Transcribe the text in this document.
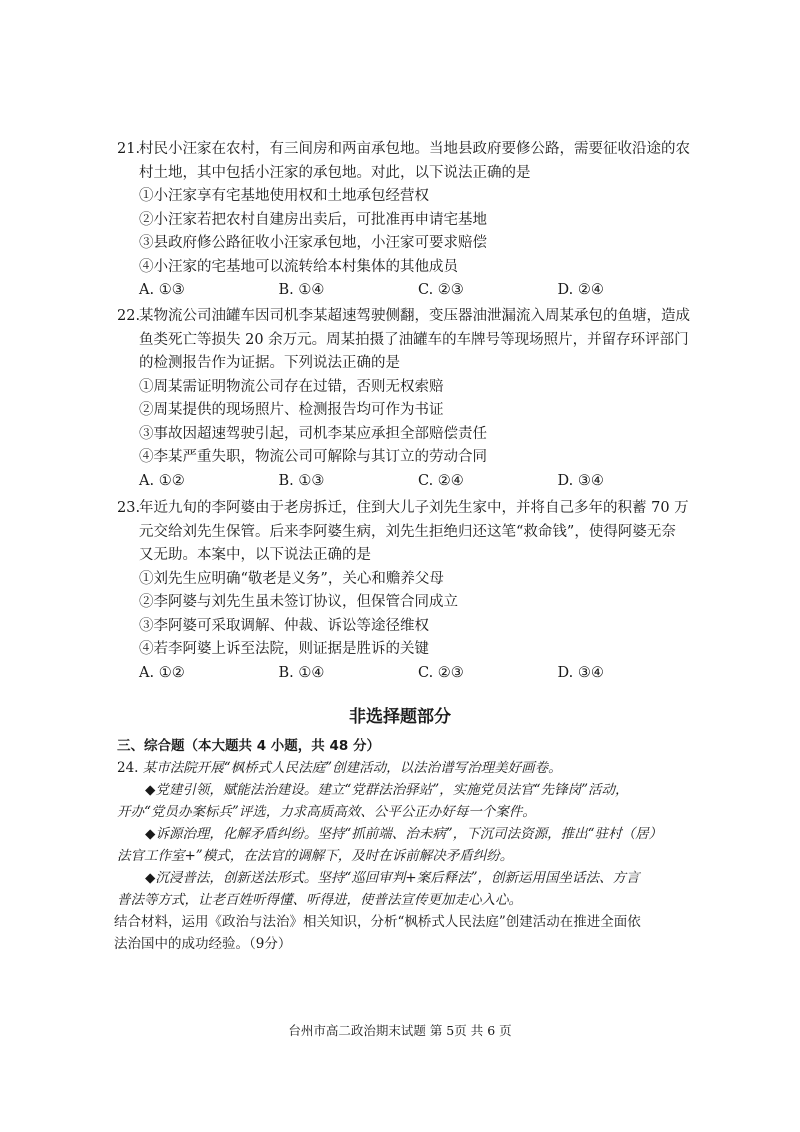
21.村民小汪家在农村，有三间房和两亩承包地。当地县政府要修公路，需要征收沿途的农
村土地，其中包括小汪家的承包地。对此，以下说法正确的是
①小汪家享有宅基地使用权和土地承包经营权
②小汪家若把农村自建房出卖后，可批准再申请宅基地
③县政府修公路征收小汪家承包地，小汪家可要求赔偿
④小汪家的宅基地可以流转给本村集体的其他成员
A. ①③	B. ①④	C. ②③	D. ②④
22.某物流公司油罐车因司机李某超速驾驶侧翻，变压器油泄漏流入周某承包的鱼塘，造成
鱼类死亡等损失 20 余万元。周某拍摄了油罐车的车牌号等现场照片，并留存环评部门
的检测报告作为证据。下列说法正确的是
①周某需证明物流公司存在过错，否则无权索赔
②周某提供的现场照片、检测报告均可作为书证
③事故因超速驾驶引起，司机李某应承担全部赔偿责任
④李某严重失职，物流公司可解除与其订立的劳动合同
A. ①②	B. ①③	C. ②④	D. ③④
23.年近九旬的李阿婆由于老房拆迁，住到大儿子刘先生家中，并将自己多年的积蓄 70 万
元交给刘先生保管。后来李阿婆生病，刘先生拒绝归还这笔“救命钱”，使得阿婆无奈
又无助。本案中，以下说法正确的是
①刘先生应明确“敬老是义务”，关心和赡养父母
②李阿婆与刘先生虽未签订协议，但保管合同成立
③李阿婆可采取调解、仲裁、诉讼等途径维权
④若李阿婆上诉至法院，则证据是胜诉的关键
A. ①②	B. ①④	C. ②③	D. ③④
非选择题部分
三、综合题（本大题共 4 小题，共 48 分）
24. 某市法院开展“枫桥式人民法庭”创建活动，以法治谱写治理美好画卷。
◆党建引领，赋能法治建设。建立“党群法治驿站”，实施党员法官“先锋岗”活动，
开办“党员办案标兵”评选，力求高质高效、公平公正办好每一个案件。
◆诉源治理，化解矛盾纠纷。坚持“抓前端、治未病”，下沉司法资源，推出“驻村（居）
法官工作室+”模式，在法官的调解下，及时在诉前解决矛盾纠纷。
◆沉浸普法，创新送法形式。坚持“巡回审判+案后释法”，创新运用国坐话法、方言
普法等方式，让老百姓听得懂、听得进，使普法宣传更加走心入心。
结合材料，运用《政治与法治》相关知识，分析“枫桥式人民法庭”创建活动在推进全面依
法治国中的成功经验。（9分）
台州市高二政治期末试题 第 5页 共 6 页
